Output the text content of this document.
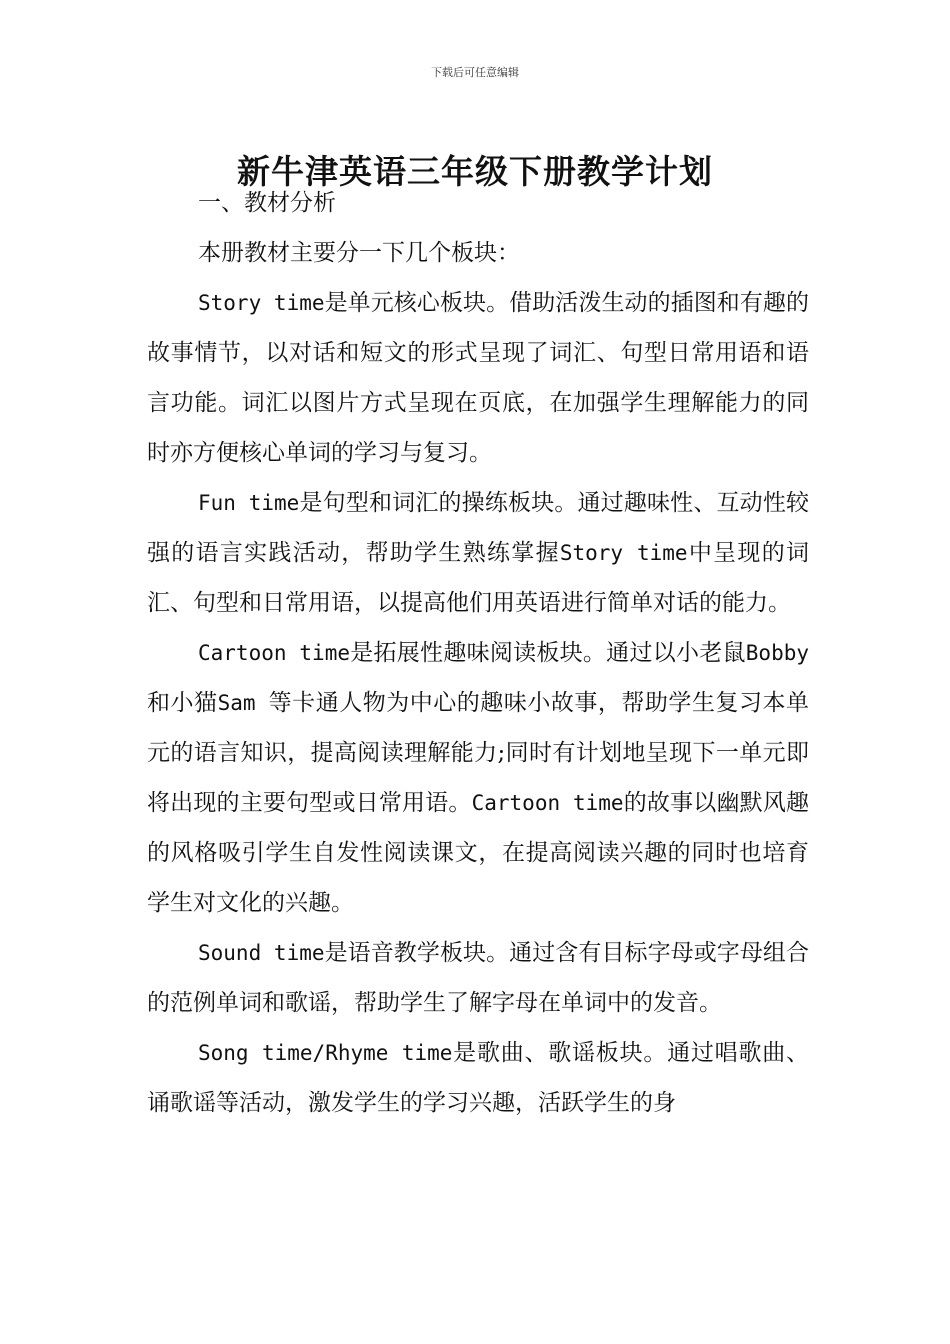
下载后可任意编辑
新牛津英语三年级下册教学计划

一、教材分析

本册教材主要分一下几个板块：

Story time是单元核心板块。借助活泼生动的插图和有趣的故事情节，以对话和短文的形式呈现了词汇、句型日常用语和语言功能。词汇以图片方式呈现在页底，在加强学生理解能力的同时亦方便核心单词的学习与复习。

Fun time是句型和词汇的操练板块。通过趣味性、互动性较强的语言实践活动，帮助学生熟练掌握Story time中呈现的词汇、句型和日常用语，以提高他们用英语进行简单对话的能力。

Cartoon time是拓展性趣味阅读板块。通过以小老鼠Bobby和小猫Sam 等卡通人物为中心的趣味小故事，帮助学生复习本单元的语言知识，提高阅读理解能力;同时有计划地呈现下一单元即将出现的主要句型或日常用语。Cartoon time的故事以幽默风趣的风格吸引学生自发性阅读课文，在提高阅读兴趣的同时也培育学生对文化的兴趣。

Sound time是语音教学板块。通过含有目标字母或字母组合的范例单词和歌谣，帮助学生了解字母在单词中的发音。

Song time/Rhyme time是歌曲、歌谣板块。通过唱歌曲、诵歌谣等活动，激发学生的学习兴趣，活跃学生的身
